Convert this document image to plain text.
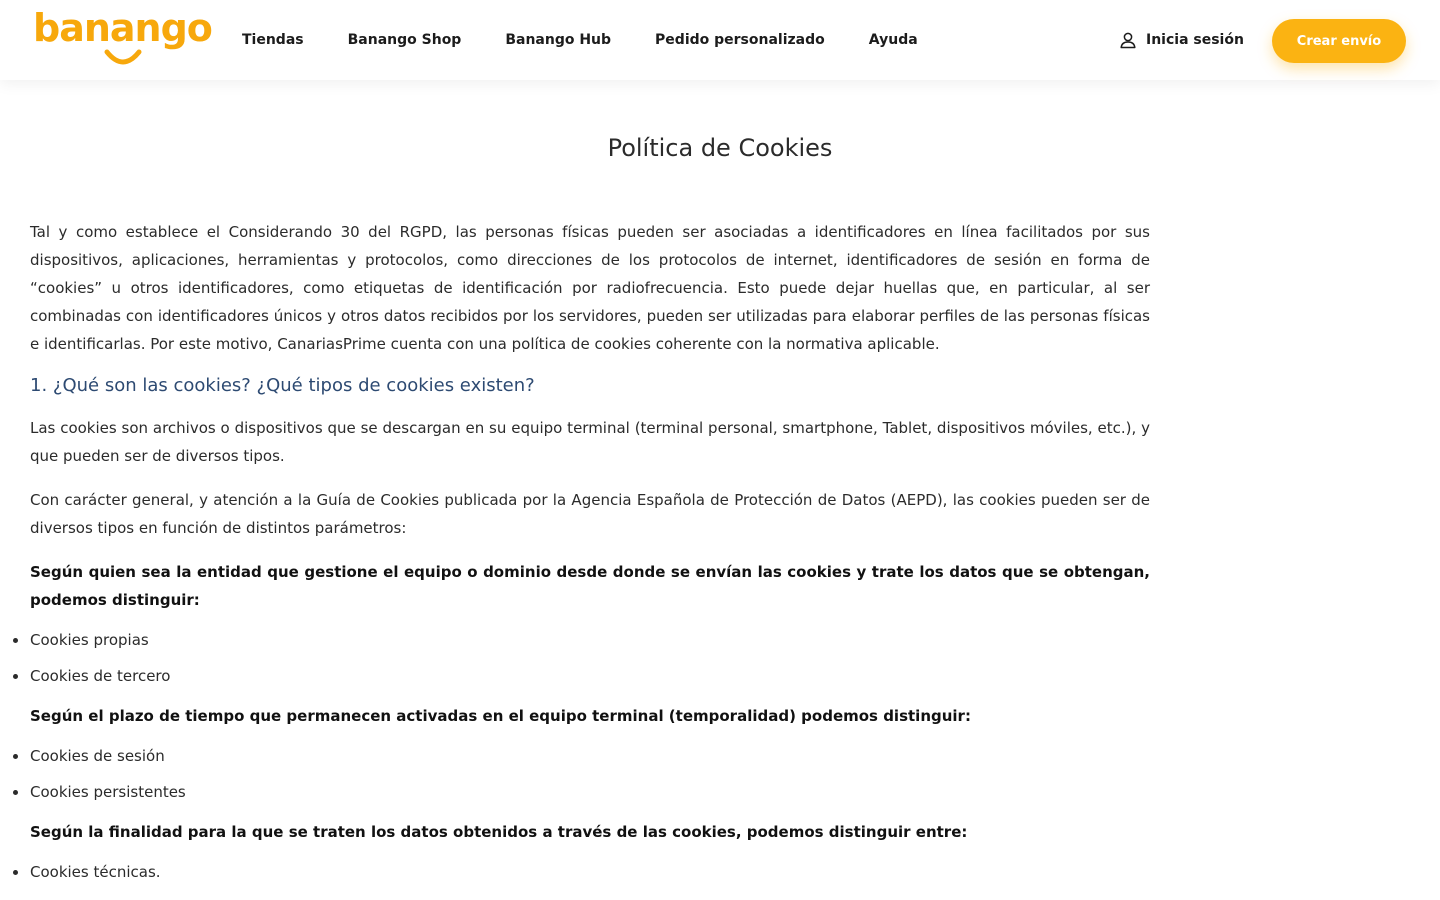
banango Tiendas	Banango Shop	Banango Hub	Pedido personalizado	Ayuda	Inicia sesión	Crear envío
Política de Cookies

Tal y como establece el Considerando 30 del RGPD, las personas físicas pueden ser asociadas a identificadores en línea facilitados por sus dispositivos, aplicaciones, herramientas y protocolos, como direcciones de los protocolos de internet, identificadores de sesión en forma de “cookies” u otros identificadores, como etiquetas de identificación por radiofrecuencia. Esto puede dejar huellas que, en particular, al ser combinadas con identificadores únicos y otros datos recibidos por los servidores, pueden ser utilizadas para elaborar perfiles de las personas físicas e identificarlas. Por este motivo, CanariasPrime cuenta con una política de cookies coherente con la normativa aplicable.

1. ¿Qué son las cookies? ¿Qué tipos de cookies existen?

Las cookies son archivos o dispositivos que se descargan en su equipo terminal (terminal personal, smartphone, Tablet, dispositivos móviles, etc.), y que pueden ser de diversos tipos.

Con carácter general, y atención a la Guía de Cookies publicada por la Agencia Española de Protección de Datos (AEPD), las cookies pueden ser de diversos tipos en función de distintos parámetros:

Según quien sea la entidad que gestione el equipo o dominio desde donde se envían las cookies y trate los datos que se obtengan, podemos distinguir:

Cookies propias
Cookies de tercero

Según el plazo de tiempo que permanecen activadas en el equipo terminal (temporalidad) podemos distinguir:

Cookies de sesión
Cookies persistentes

Según la finalidad para la que se traten los datos obtenidos a través de las cookies, podemos distinguir entre:

Cookies técnicas.
